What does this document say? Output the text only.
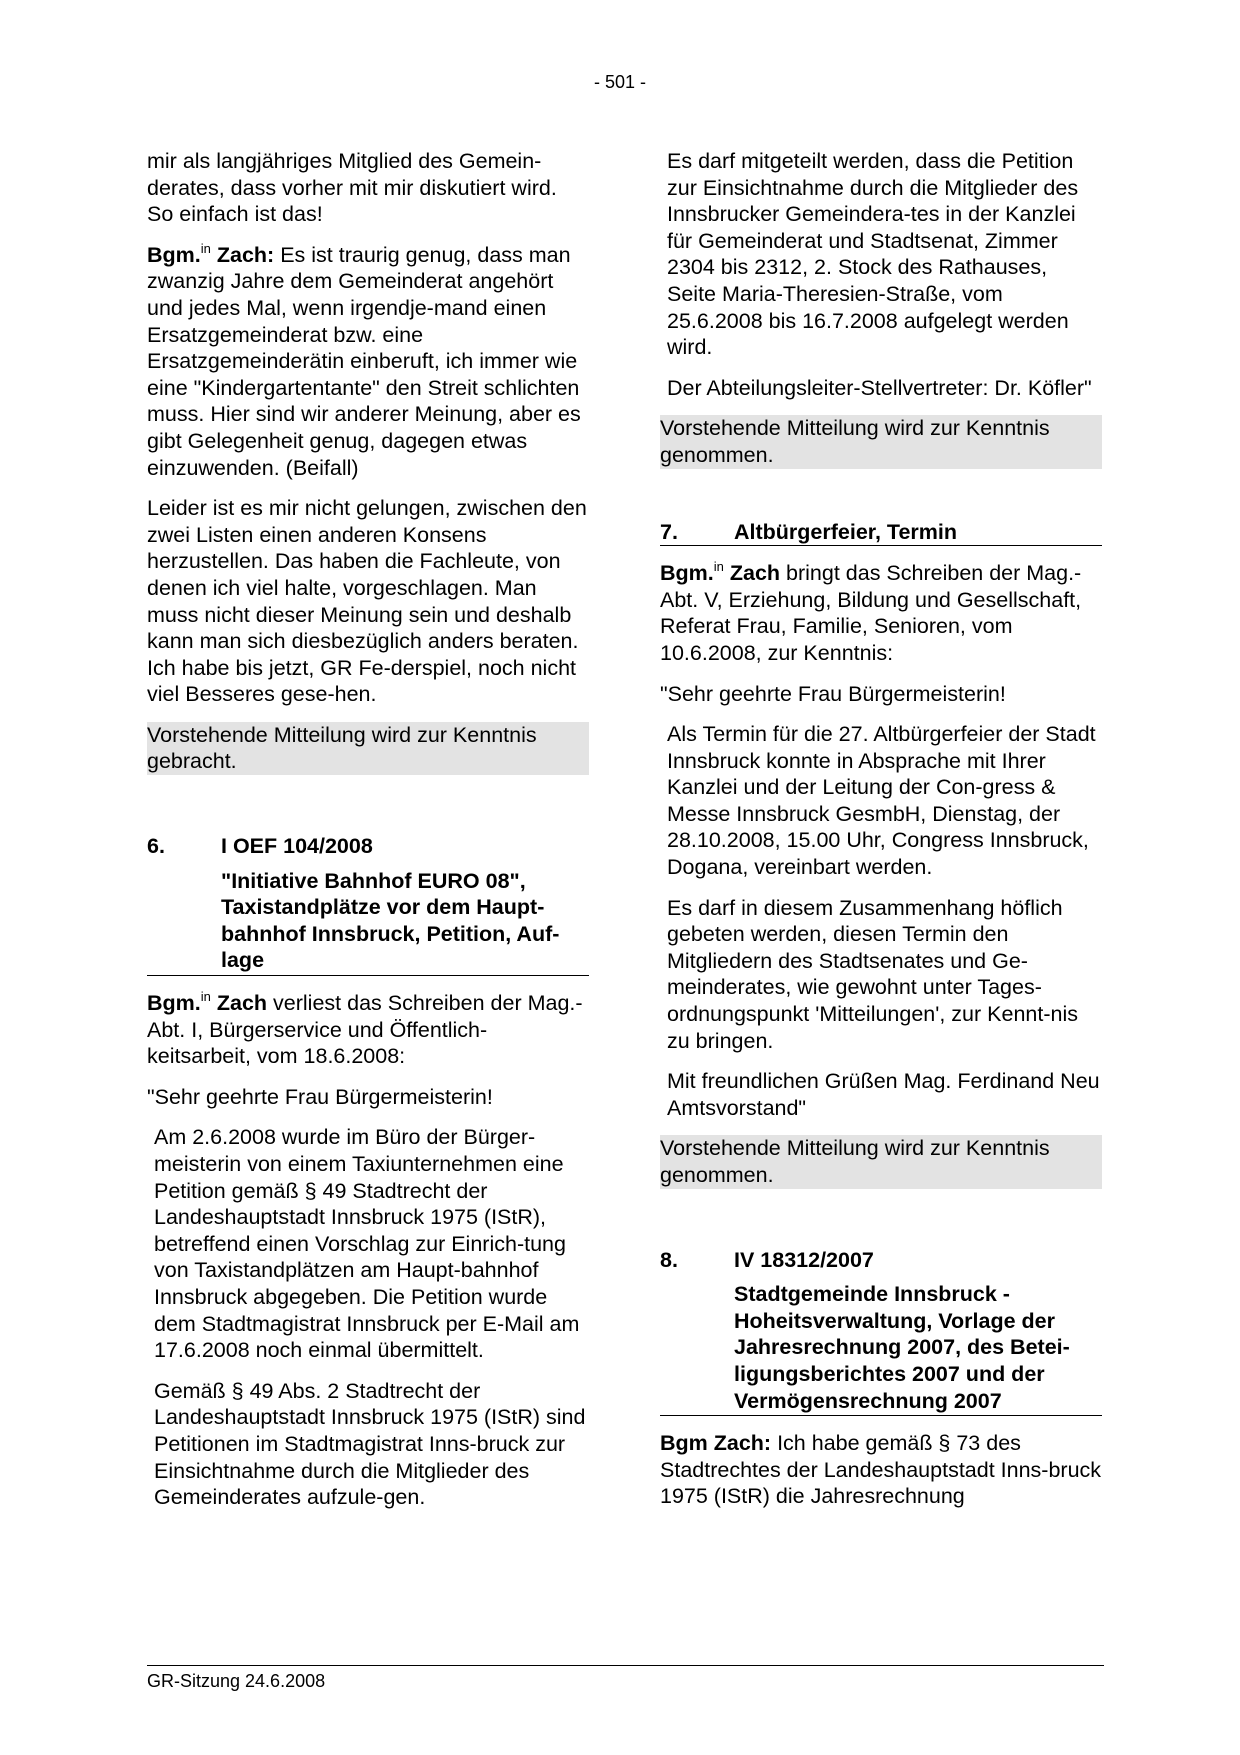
- 501 -

mir als langjähriges Mitglied des Gemein-derates, dass vorher mit mir diskutiert wird. So einfach ist das!

Bgm.$^{in}$ Zach: Es ist traurig genug, dass man zwanzig Jahre dem Gemeinderat angehört und jedes Mal, wenn irgendje-mand einen Ersatzgemeinderat bzw. eine Ersatzgemeinderätin einberuft, ich immer wie eine "Kindergartentante" den Streit schlichten muss. Hier sind wir anderer Meinung, aber es gibt Gelegenheit genug, dagegen etwas einzuwenden. (Beifall)

Leider ist es mir nicht gelungen, zwischen den zwei Listen einen anderen Konsens herzustellen. Das haben die Fachleute, von denen ich viel halte, vorgeschlagen. Man muss nicht dieser Meinung sein und deshalb kann man sich diesbezüglich anders beraten. Ich habe bis jetzt, GR Fe-derspiel, noch nicht viel Besseres gese-hen.

Vorstehende Mitteilung wird zur Kenntnis gebracht.
6.	I OEF 104/2008
"Initiative Bahnhof EURO 08", Taxistandplätze vor dem Haupt-bahnhof Innsbruck, Petition, Auf-lage

Bgm.$^{in}$ Zach verliest das Schreiben der Mag.-Abt. I, Bürgerservice und Öffentlich-keitsarbeit, vom 18.6.2008:

"Sehr geehrte Frau Bürgermeisterin!

Am 2.6.2008 wurde im Büro der Bürger-meisterin von einem Taxiunternehmen eine Petition gemäß § 49 Stadtrecht der Landeshauptstadt Innsbruck 1975 (IStR), betreffend einen Vorschlag zur Einrich-tung von Taxistandplätzen am Haupt-bahnhof Innsbruck abgegeben. Die Petition wurde dem Stadtmagistrat Innsbruck per E-Mail am 17.6.2008 noch einmal übermittelt.

Gemäß § 49 Abs. 2 Stadtrecht der Landeshauptstadt Innsbruck 1975 (IStR) sind Petitionen im Stadtmagistrat Inns-bruck zur Einsichtnahme durch die Mitglieder des Gemeinderates aufzule-gen.

Es darf mitgeteilt werden, dass die Petition zur Einsichtnahme durch die Mitglieder des Innsbrucker Gemeindera-tes in der Kanzlei für Gemeinderat und Stadtsenat, Zimmer 2304 bis 2312, 2. Stock des Rathauses, Seite Maria-Theresien-Straße, vom 25.6.2008 bis 16.7.2008 aufgelegt werden wird.

Der Abteilungsleiter-Stellvertreter: Dr. Köfler"

Vorstehende Mitteilung wird zur Kenntnis genommen.
7.	Altbürgerfeier, Termin

Bgm.$^{in}$ Zach bringt das Schreiben der Mag.-Abt. V, Erziehung, Bildung und Gesellschaft, Referat Frau, Familie, Senioren, vom 10.6.2008, zur Kenntnis:

"Sehr geehrte Frau Bürgermeisterin!

Als Termin für die 27. Altbürgerfeier der Stadt Innsbruck konnte in Absprache mit Ihrer Kanzlei und der Leitung der Con-gress & Messe Innsbruck GesmbH, Dienstag, der 28.10.2008, 15.00 Uhr, Congress Innsbruck, Dogana, vereinbart werden.

Es darf in diesem Zusammenhang höflich gebeten werden, diesen Termin den Mitgliedern des Stadtsenates und Ge-meinderates, wie gewohnt unter Tages-ordnungspunkt 'Mitteilungen', zur Kennt-nis zu bringen.

Mit freundlichen Grüßen Mag. Ferdinand Neu Amtsvorstand"

Vorstehende Mitteilung wird zur Kenntnis genommen.
8.	IV 18312/2007
Stadtgemeinde Innsbruck - Hoheitsverwaltung, Vorlage der Jahresrechnung 2007, des Betei-ligungsberichtes 2007 und der Vermögensrechnung 2007

Bgm Zach: Ich habe gemäß § 73 des Stadtrechtes der Landeshauptstadt Inns-bruck 1975 (IStR) die Jahresrechnung

GR-Sitzung 24.6.2008
